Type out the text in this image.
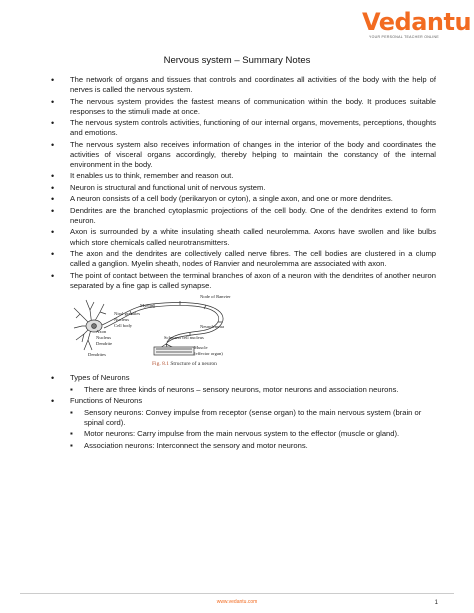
Vedantu
YOUR PERSONAL TEACHER ONLINE
Nervous system – Summary Notes
• The network of organs and tissues that controls and coordinates all activities of the body with the help of nerves is called the nervous system.
• The nervous system provides the fastest means of communication within the body. It produces suitable responses to the stimuli made at once.
• The nervous system controls activities, functioning of our internal organs, movements, perceptions, thoughts and emotions.
• The nervous system also receives information of changes in the interior of the body and coordinates the activities of visceral organs accordingly, thereby helping to maintain the constancy of the internal environment in the body.
• It enables us to think, remember and reason out.
• Neuron is structural and functional unit of nervous system.
• A neuron consists of a cell body (perikaryon or cyton), a single axon, and one or more dendrites.
• Dendrites are the branched cytoplasmic projections of the cell body. One of the dendrites extend to form neuron.
• Axon is surrounded by a white insulating sheath called neurolemma. Axons have swollen and like bulbs which store chemicals called neurotransmitters.
• The axon and the dendrites are collectively called nerve fibres. The cell bodies are clustered in a clump called a ganglion. Myelin sheath, nodes of Ranvier and neurolemma are associated with axon.
• The point of contact between the terminal branches of axon of a neuron with the dendrites of another neuron separated by a fine gap is called synapse.
Myelin
Nissl granules
Nucleus
Cell body
Axon
Nucleus
Dendrite
Dendrites
Node of Ranvier
Neurolemma
Schwann cell nucleus
Muscle
(effector organ)
Fig. 8.1 Structure of a neuron
• Types of Neurons
▪ There are three kinds of neurons – sensory neurons, motor neurons and association neurons.
• Functions of Neurons
▪ Sensory neurons: Convey impulse from receptor (sense organ) to the main nervous system (brain or spinal cord).
▪ Motor neurons: Carry impulse from the main nervous system to the effector (muscle or gland).
▪ Association neurons: Interconnect the sensory and motor neurons.
www.vedantu.com	1
